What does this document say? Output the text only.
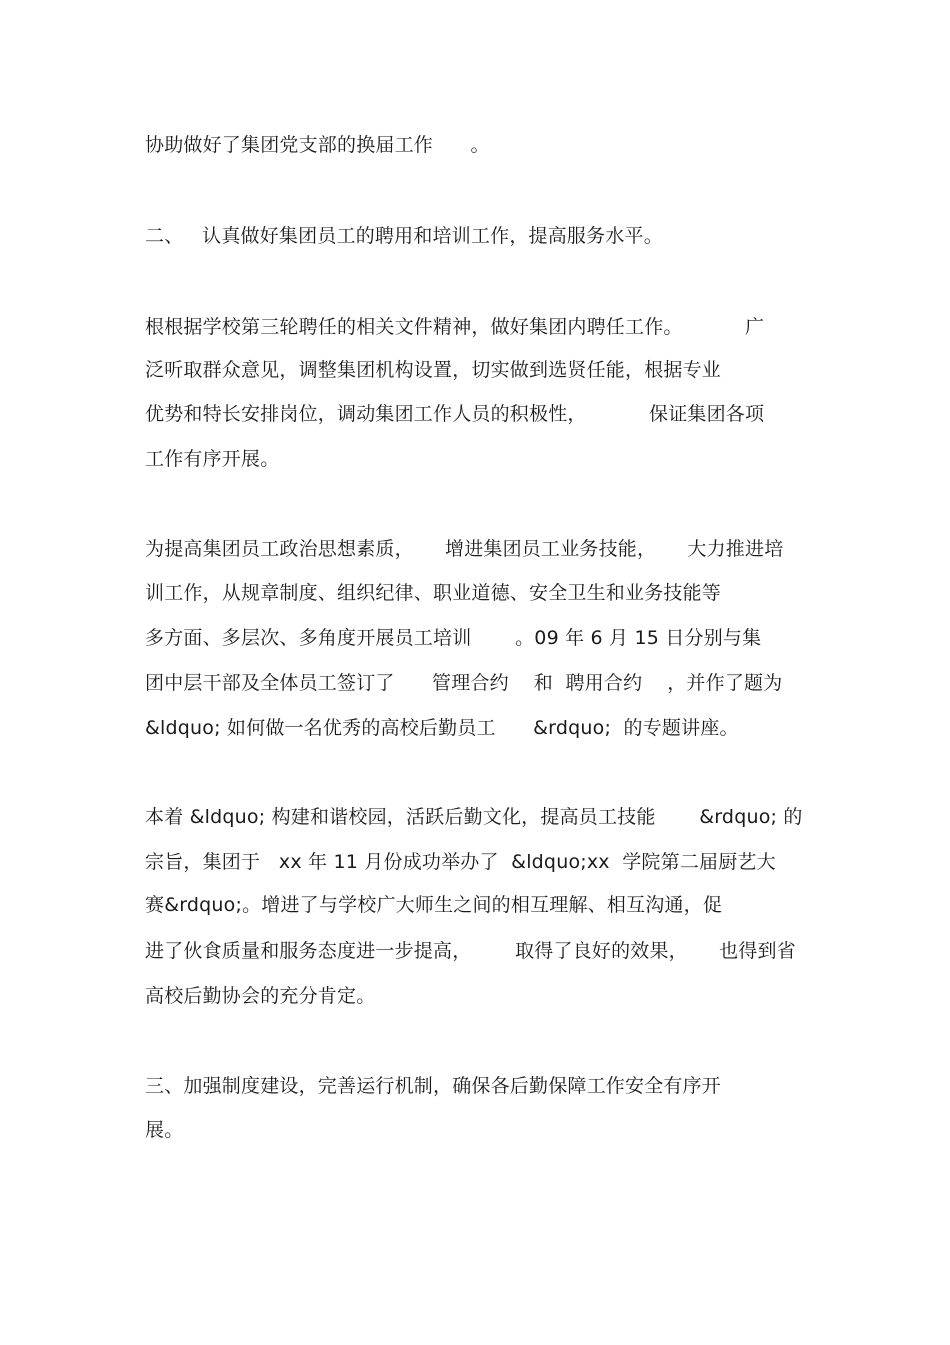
协助做好了集团党支部的换届工作      。
二、   认真做好集团员工的聘用和培训工作，提高服务水平。
根根据学校第三轮聘任的相关文件精神，做好集团内聘任工作。          广
泛听取群众意见，调整集团机构设置，切实做到选贤任能，根据专业
优势和特长安排岗位，调动集团工作人员的积极性，          保证集团各项
工作有序开展。
为提高集团员工政治思想素质，     增进集团员工业务技能，     大力推进培
训工作，从规章制度、组织纪律、职业道德、安全卫生和业务技能等
多方面、多层次、多角度开展员工培训       。09 年 6 月 15 日分别与集
团中层干部及全体员工签订了      管理合约    和  聘用合约    ，并作了题为
&ldquo; 如何做一名优秀的高校后勤员工      &rdquo;  的专题讲座。
本着 &ldquo; 构建和谐校园，活跃后勤文化，提高员工技能       &rdquo; 的
宗旨，集团于   xx 年 11 月份成功举办了  &ldquo;xx  学院第二届厨艺大
赛&rdquo;。增进了与学校广大师生之间的相互理解、相互沟通，促
进了伙食质量和服务态度进一步提高，       取得了良好的效果，     也得到省
高校后勤协会的充分肯定。
三、加强制度建设，完善运行机制，确保各后勤保障工作安全有序开
展。
